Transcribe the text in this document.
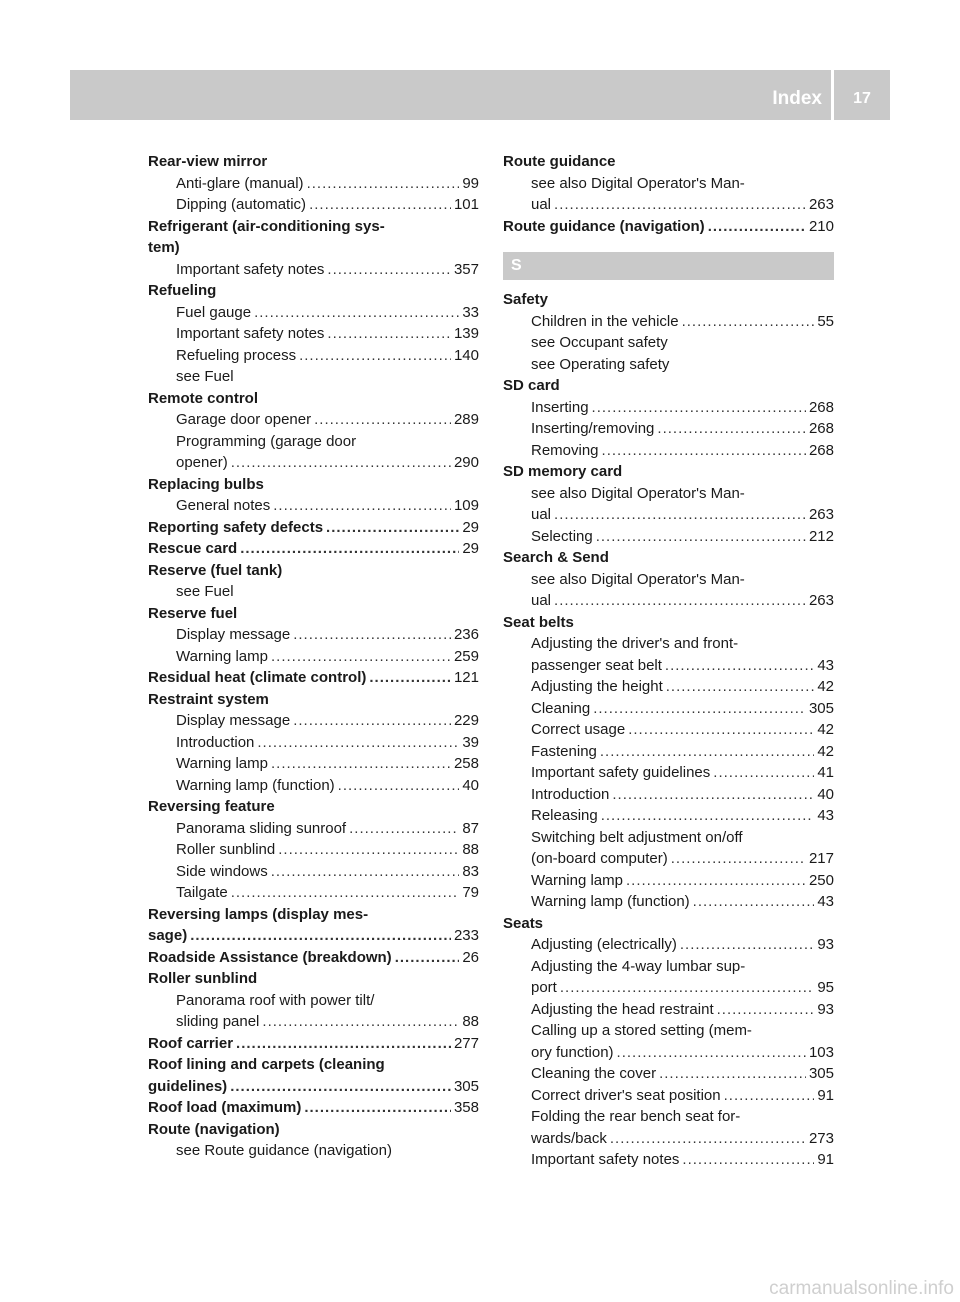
Index	17
Rear-view mirror
Anti-glare (manual) .....	99
Dipping (automatic) .....	101
Refrigerant (air-conditioning sys-
tem)
Important safety notes .....	357
Refueling
Fuel gauge .....	33
Important safety notes .....	139
Refueling process .....	140
see Fuel
Remote control
Garage door opener .....	289
Programming (garage door
opener) .....	290
Replacing bulbs
General notes .....	109
Reporting safety defects .....	29
Rescue card .....	29
Reserve (fuel tank)
see Fuel
Reserve fuel
Display message .....	236
Warning lamp .....	259
Residual heat (climate control) .....	121
Restraint system
Display message .....	229
Introduction .....	39
Warning lamp .....	258
Warning lamp (function) .....	40
Reversing feature
Panorama sliding sunroof .....	87
Roller sunblind .....	88
Side windows .....	83
Tailgate .....	79
Reversing lamps (display mes-
sage) .....	233
Roadside Assistance (breakdown) .....	26
Roller sunblind
Panorama roof with power tilt/
sliding panel .....	88
Roof carrier .....	277
Roof lining and carpets (cleaning
guidelines) .....	305
Roof load (maximum) .....	358
Route (navigation)
see Route guidance (navigation)
Route guidance
see also Digital Operator's Man-
ual .....	263
Route guidance (navigation) .....	210
S
Safety
Children in the vehicle .....	55
see Occupant safety
see Operating safety
SD card
Inserting .....	268
Inserting/removing .....	268
Removing .....	268
SD memory card
see also Digital Operator's Man-
ual .....	263
Selecting .....	212
Search & Send
see also Digital Operator's Man-
ual .....	263
Seat belts
Adjusting the driver's and front-
passenger seat belt .....	43
Adjusting the height .....	42
Cleaning .....	305
Correct usage .....	42
Fastening .....	42
Important safety guidelines .....	41
Introduction .....	40
Releasing .....	43
Switching belt adjustment on/off
(on-board computer) .....	217
Warning lamp .....	250
Warning lamp (function) .....	43
Seats
Adjusting (electrically) .....	93
Adjusting the 4-way lumbar sup-
port .....	95
Adjusting the head restraint .....	93
Calling up a stored setting (mem-
ory function) .....	103
Cleaning the cover .....	305
Correct driver's seat position .....	91
Folding the rear bench seat for-
wards/back .....	273
Important safety notes .....	91
carmanualsonline.info
